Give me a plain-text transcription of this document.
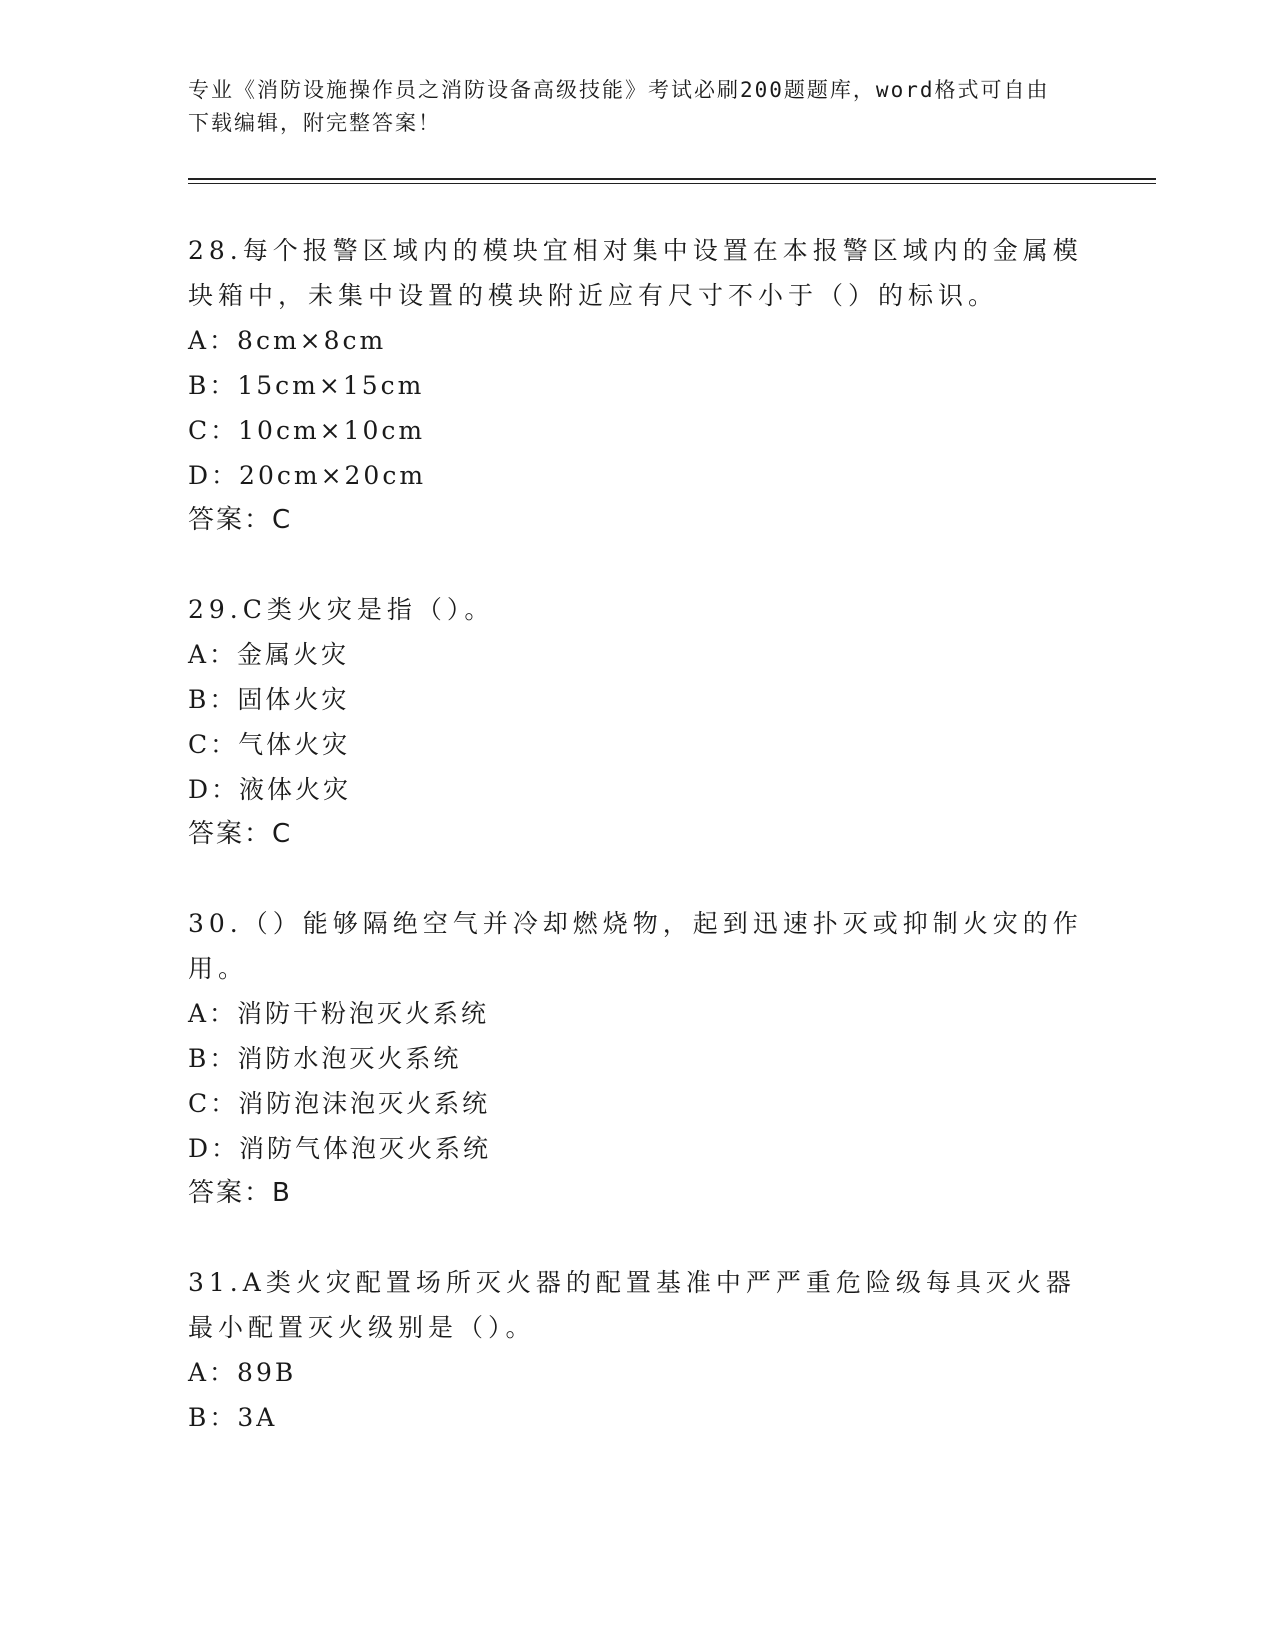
专业《消防设施操作员之消防设备高级技能》考试必刷200题题库，word格式可自由下载编辑，附完整答案！

28.每个报警区域内的模块宜相对集中设置在本报警区域内的金属模块箱中，未集中设置的模块附近应有尺寸不小于（）的标识。

A：8cm×8cm

B：15cm×15cm

C：10cm×10cm

D：20cm×20cm

答案：C

29.C类火灾是指（）。

A：金属火灾

B：固体火灾

C：气体火灾

D：液体火灾

答案：C

30.（）能够隔绝空气并冷却燃烧物，起到迅速扑灭或抑制火灾的作用。

A：消防干粉泡灭火系统

B：消防水泡灭火系统

C：消防泡沫泡灭火系统

D：消防气体泡灭火系统

答案：B

31.A类火灾配置场所灭火器的配置基准中严严重危险级每具灭火器最小配置灭火级别是（）。

A：89B

B：3A
